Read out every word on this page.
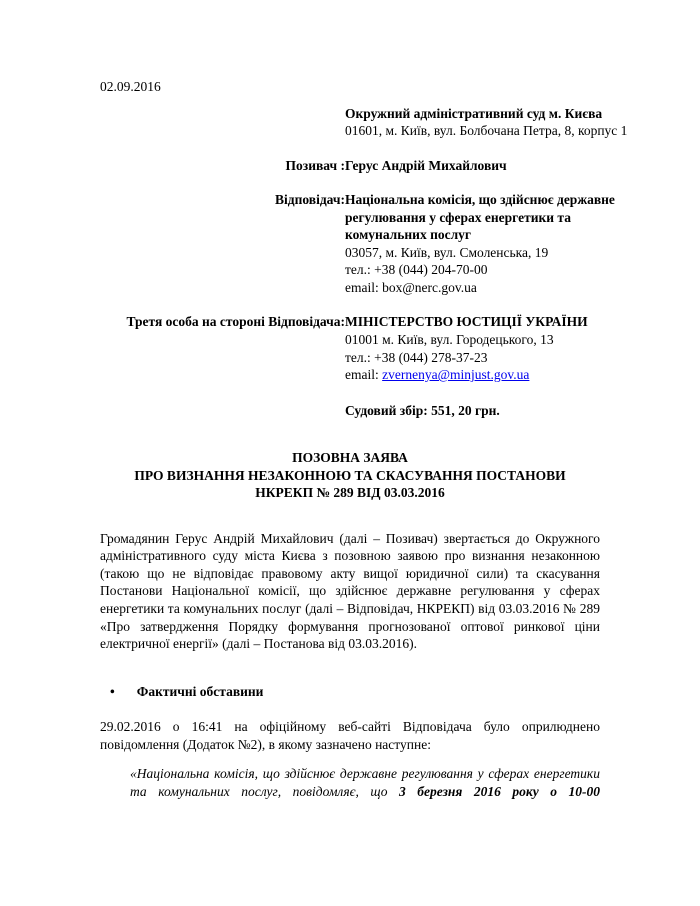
02.09.2016
Окружний адміністративний суд м. Києва
01601, м. Київ, вул. Болбочана Петра, 8, корпус 1
Позивач : Герус Андрій Михайлович
Відповідач: Національна комісія, що здійснює державне регулювання у сферах енергетики та комунальних послуг
03057, м. Київ, вул. Смоленська, 19
тел.: +38 (044) 204-70-00
email: box@nerc.gov.ua
Третя особа на стороні Відповідача: МІНІСТЕРСТВО ЮСТИЦІЇ УКРАЇНИ
01001 м. Київ, вул. Городецького, 13
тел.: +38 (044) 278-37-23
email: zvernenya@minjust.gov.ua
Судовий збір: 551, 20 грн.
ПОЗОВНА ЗАЯВА
ПРО ВИЗНАННЯ НЕЗАКОННОЮ ТА СКАСУВАННЯ ПОСТАНОВИ
НКРЕКП № 289 ВІД 03.03.2016
Громадянин Герус Андрій Михайлович (далі – Позивач) звертається до Окружного адміністративного суду міста Києва з позовною заявою про визнання незаконною (такою що не відповідає правовому акту вищої юридичної сили) та скасування Постанови Національної комісії, що здійснює державне регулювання у сферах енергетики та комунальних послуг (далі – Відповідач, НКРЕКП) від 03.03.2016 № 289 «Про затвердження Порядку формування прогнозованої оптової ринкової ціни електричної енергії» (далі – Постанова від 03.03.2016).
• Фактичні обставини
29.02.2016 о 16:41 на офіційному веб-сайті Відповідача було оприлюднено повідомлення (Додаток №2), в якому зазначено наступне:
«Національна комісія, що здійснює державне регулювання у сферах енергетики та комунальних послуг, повідомляє, що 3 березня 2016 року о 10-00
